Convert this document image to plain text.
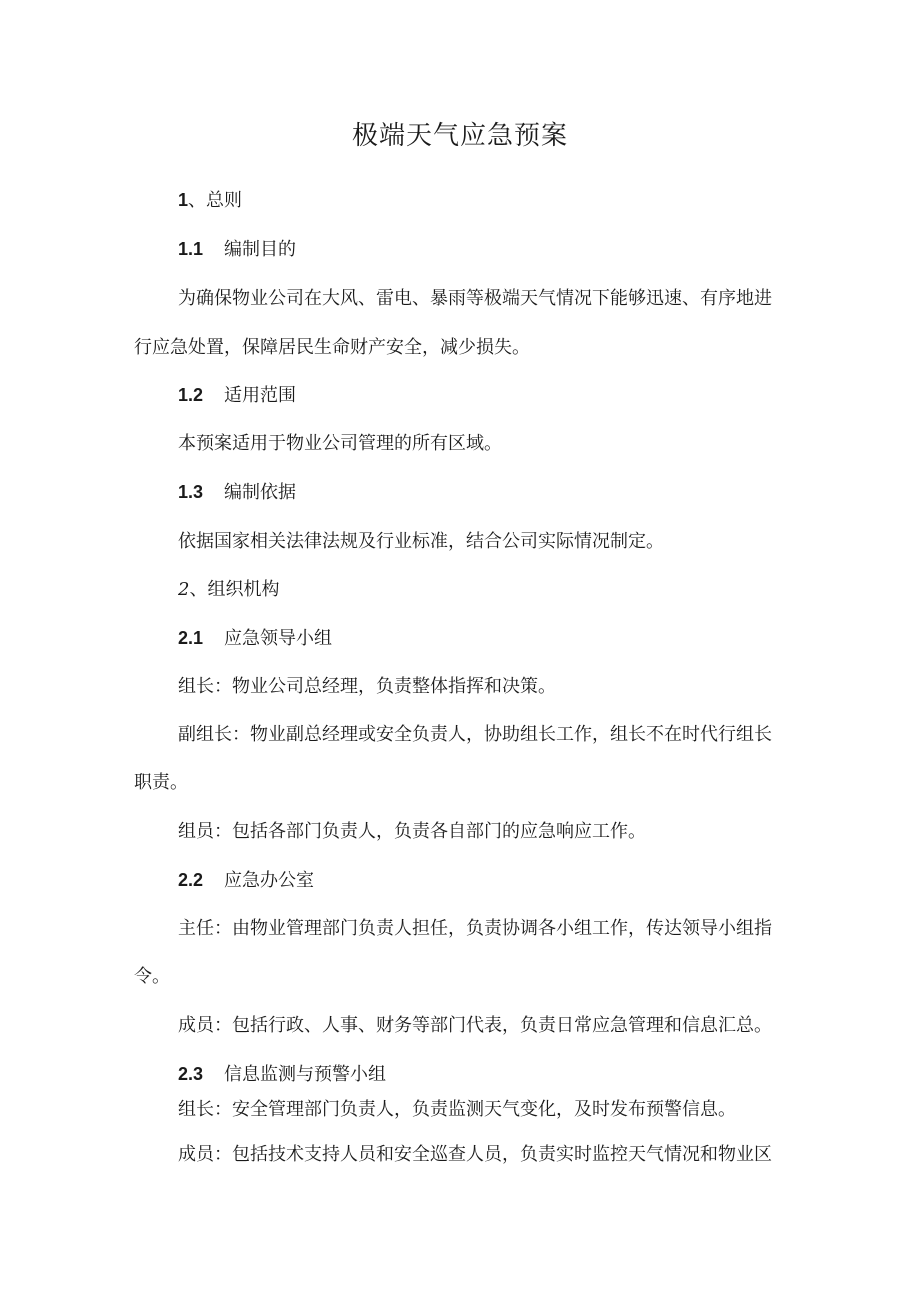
极端天气应急预案

1、总则

1.1 编制目的

为确保物业公司在大风、雷电、暴雨等极端天气情况下能够迅速、有序地进

行应急处置，保障居民生命财产安全，减少损失。

1.2 适用范围

本预案适用于物业公司管理的所有区域。

1.3 编制依据

依据国家相关法律法规及行业标准，结合公司实际情况制定。

2、组织机构

2.1 应急领导小组

组长：物业公司总经理，负责整体指挥和决策。

副组长：物业副总经理或安全负责人，协助组长工作，组长不在时代行组长

职责。

组员：包括各部门负责人，负责各自部门的应急响应工作。

2.2 应急办公室

主任：由物业管理部门负责人担任，负责协调各小组工作，传达领导小组指

令。

成员：包括行政、人事、财务等部门代表，负责日常应急管理和信息汇总。

2.3 信息监测与预警小组

组长：安全管理部门负责人，负责监测天气变化，及时发布预警信息。

成员：包括技术支持人员和安全巡查人员，负责实时监控天气情况和物业区
